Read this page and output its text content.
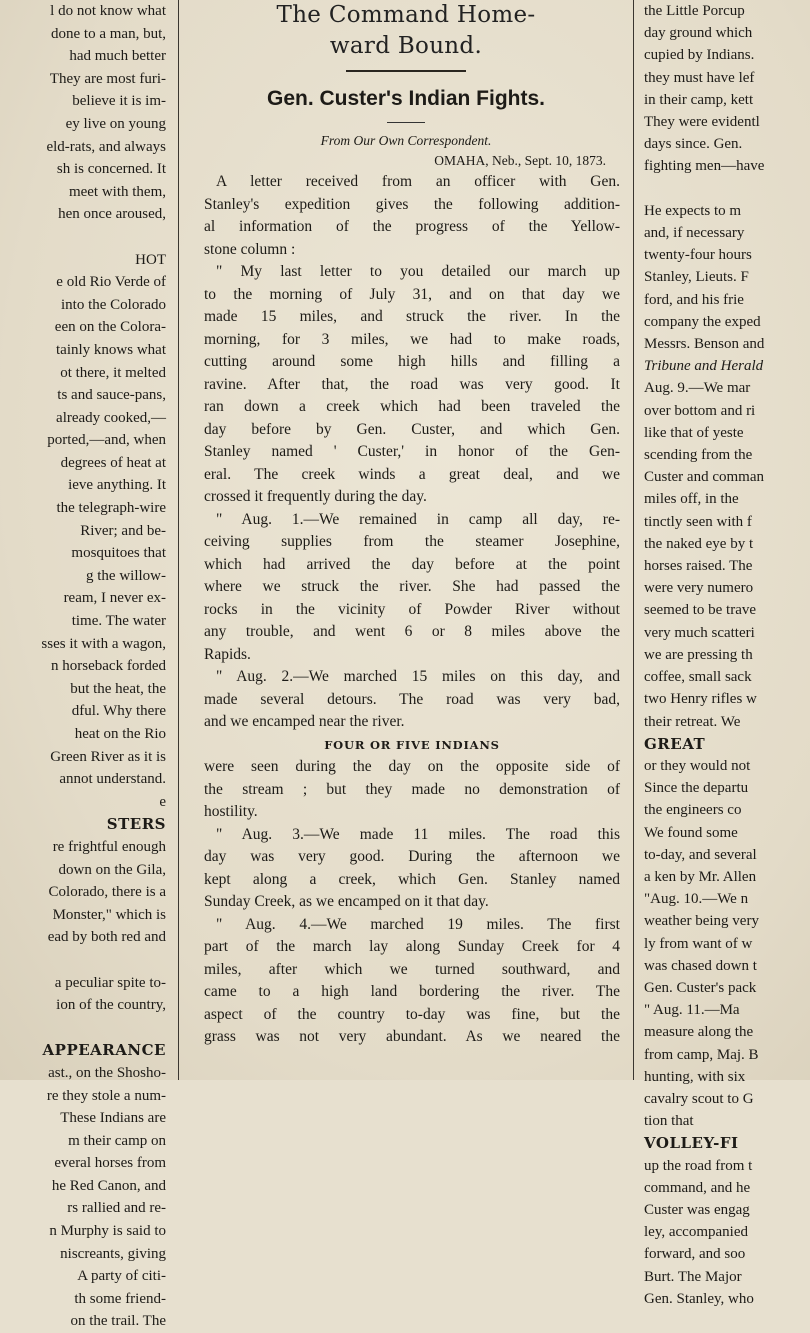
l do not know what
done to a man, but,
had much better
They are most furi-
believe it is im-
ey live on young
eld-rats, and always
sh is concerned. It
meet with them,
hen once aroused,

HOT
e old Rio Verde of
into the Colorado
een on the Colora-
tainly knows what
ot there, it melted
ts and sauce-pans,
already cooked,—
ported,—and, when
degrees of heat at
ieve anything. It
the telegraph-wire
River; and be-
mosquitoes that
g the willow-
ream, I never ex-
time. The water
sses it with a wagon,
n horseback forded
but the heat, the
dful. Why there
heat on the Rio
Green River as it is
annot understand.
e
STERS
re frightful enough
down on the Gila,
Colorado, there is a
Monster," which is
ead by both red and

a peculiar spite to-
ion of the country,

APPEARANCE
ast., on the Shosho-
re they stole a num-
These Indians are
m their camp on
everal horses from
he Red Canon, and
rs rallied and re-
n Murphy is said to
niscreants, giving
A party of citi-
th some friend-
on the trail. The
The Command Home-
ward Bound.
Gen. Custer's Indian Fights.
From Our Own Correspondent.
OMAHA, Neb., Sept. 10, 1873.
A letter received from an officer with Gen.
Stanley's expedition gives the following addition-
al information of the progress of the Yellow-
stone column :
" My last letter to you detailed our march up
to the morning of July 31, and on that day we
made 15 miles, and struck the river. In the
morning, for 3 miles, we had to make roads,
cutting around some high hills and filling a
ravine. After that, the road was very good. It
ran down a creek which had been traveled the
day before by Gen. Custer, and which Gen.
Stanley named ' Custer,' in honor of the Gen-
eral. The creek winds a great deal, and we
crossed it frequently during the day.
" Aug. 1.—We remained in camp all day, re-
ceiving supplies from the steamer Josephine,
which had arrived the day before at the point
where we struck the river. She had passed the
rocks in the vicinity of Powder River without
any trouble, and went 6 or 8 miles above the
Rapids.
" Aug. 2.—We marched 15 miles on this day, and
made several detours. The road was very bad,
and we encamped near the river.
FOUR OR FIVE INDIANS
were seen during the day on the opposite side of
the stream ; but they made no demonstration of
hostility.
" Aug. 3.—We made 11 miles. The road this
day was very good. During the afternoon we
kept along a creek, which Gen. Stanley named
Sunday Creek, as we encamped on it that day.
" Aug. 4.—We marched 19 miles. The first
part of the march lay along Sunday Creek for 4
miles, after which we turned southward, and
came to a high land bordering the river. The
aspect of the country to-day was fine, but the
grass was not very abundant. As we neared the
the Little Porcup
day ground which
cupied by Indians.
they must have lef
in their camp, kett
They were evidentl
days since. Gen.
fighting men—have

He expects to m
and, if necessary
twenty-four hours
Stanley, Lieuts. F
ford, and his frie
company the exped
Messrs. Benson and
Tribune and Herald
Aug. 9.—We mar
over bottom and ri
like that of yeste
scending from the
Custer and comman
miles off, in the
tinctly seen with f
the naked eye by t
horses raised. The
were very numero
seemed to be trave
very much scatteri
we are pressing th
coffee, small sack
two Henry rifles w
their retreat. We
GREAT
or they would not
Since the departu
the engineers co
We found some
to-day, and several
a ken by Mr. Allen
"Aug. 10.—We n
weather being very
ly from want of w
was chased down t
Gen. Custer's pack
" Aug. 11.—Ma
measure along the
from camp, Maj. B
hunting, with six
cavalry scout to G
tion that
VOLLEY-FI
up the road from t
command, and he
Custer was engag
ley, accompanied
forward, and soo
Burt. The Major
Gen. Stanley, who
